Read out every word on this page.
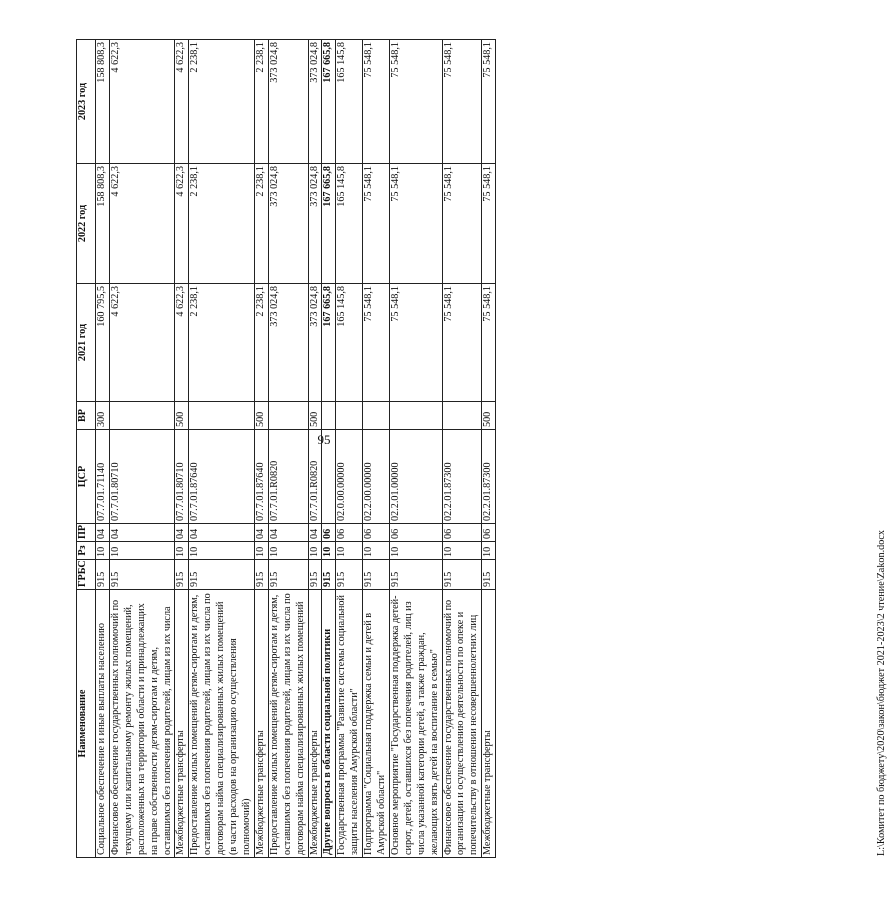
95
Наименование	ГРБС	Рз	ПР	ЦСР	ВР	2021 год	2022 год	2023 год
Социальное обеспечение и иные выплаты населению	915	10	04	07.7.01.71140	300	160 795,5	158 808,3	158 808,3
Финансовое обеспечение государственных полномочий по текущему или капитальному ремонту жилых помещений, расположенных на территории области и принадлежащих на праве собственности детям-сиротам и детям, оставшимся без попечения родителей, лицам из их числа	915	10	04	07.7.01.80710		4 622,3	4 622,3	4 622,3
Межбюджетные трансферты	915	10	04	07.7.01.80710	500	4 622,3	4 622,3	4 622,3
Предоставление жилых помещений детям-сиротам и детям, оставшимся без попечения родителей, лицам из их числа по договорам найма специализированных жилых помещений (в части расходов на организацию осуществления полномочий)	915	10	04	07.7.01.87640		2 238,1	2 238,1	2 238,1
Межбюджетные трансферты	915	10	04	07.7.01.87640	500	2 238,1	2 238,1	2 238,1
Предоставление жилых помещений детям-сиротам и детям, оставшимся без попечения родителей, лицам из их числа по договорам найма специализированных жилых помещений	915	10	04	07.7.01.R0820		373 024,8	373 024,8	373 024,8
Межбюджетные трансферты	915	10	04	07.7.01.R0820	500	373 024,8	373 024,8	373 024,8
Другие вопросы в области социальной политики	915	10	06			167 665,8	167 665,8	167 665,8
Государственная программа "Развитие системы социальной защиты населения Амурской области"	915	10	06	02.0.00.00000		165 145,8	165 145,8	165 145,8
Подпрограмма "Социальная поддержка семьи и детей в Амурской области"	915	10	06	02.2.00.00000		75 548,1	75 548,1	75 548,1
Основное мероприятие "Государственная поддержка детей-сирот, детей, оставшихся без попечения родителей, лиц из числа указанной категории детей, а также граждан, желающих взять детей на воспитание в семью"	915	10	06	02.2.01.00000		75 548,1	75 548,1	75 548,1
Финансовое обеспечение государственных полномочий по организации и осуществлению деятельности по опеке и попечительству в отношении несовершеннолетних лиц	915	10	06	02.2.01.87300		75 548,1	75 548,1	75 548,1
Межбюджетные трансферты	915	10	06	02.2.01.87300	500	75 548,1	75 548,1	75 548,1
L:\Комитет по бюджету\2020\закон\бюджет 2021-2023\2 чтение\Zakon.docx
